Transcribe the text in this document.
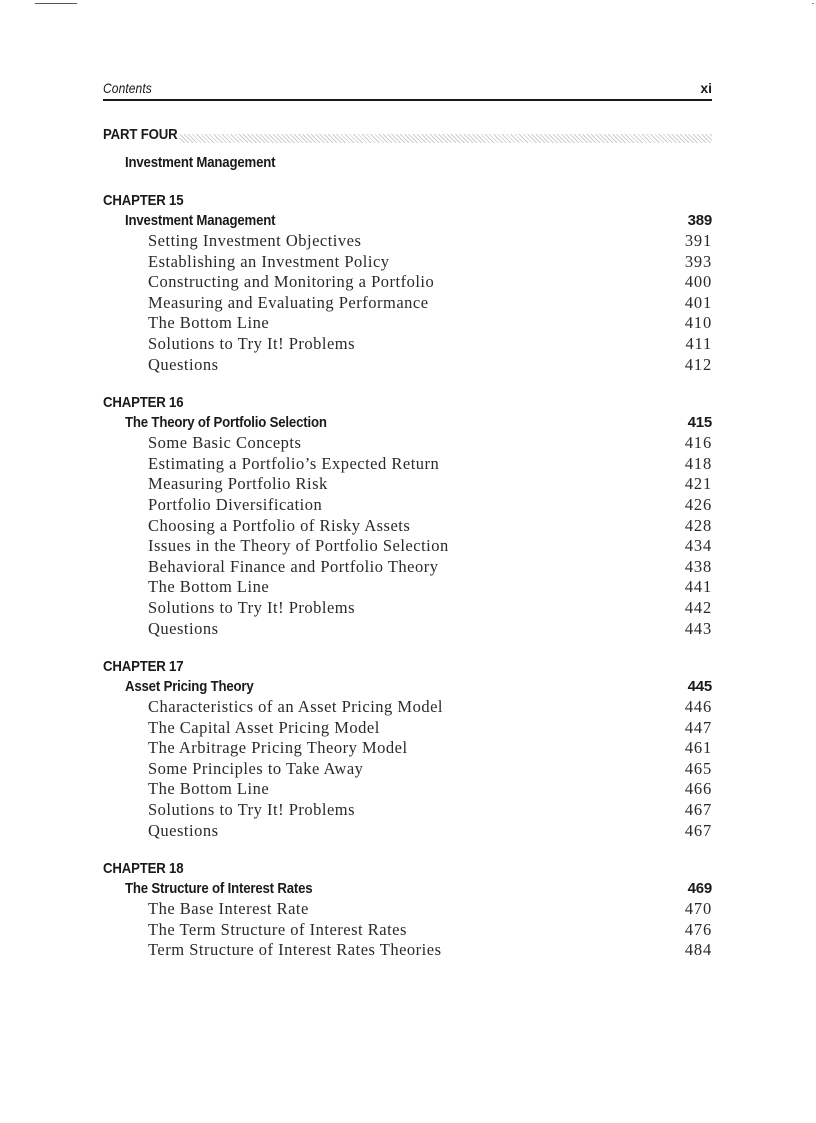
Contents	xi
PART FOUR
Investment Management
CHAPTER 15
Investment Management	389
Setting Investment Objectives	391
Establishing an Investment Policy	393
Constructing and Monitoring a Portfolio	400
Measuring and Evaluating Performance	401
The Bottom Line	410
Solutions to Try It! Problems	411
Questions	412
CHAPTER 16
The Theory of Portfolio Selection	415
Some Basic Concepts	416
Estimating a Portfolio’s Expected Return	418
Measuring Portfolio Risk	421
Portfolio Diversification	426
Choosing a Portfolio of Risky Assets	428
Issues in the Theory of Portfolio Selection	434
Behavioral Finance and Portfolio Theory	438
The Bottom Line	441
Solutions to Try It! Problems	442
Questions	443
CHAPTER 17
Asset Pricing Theory	445
Characteristics of an Asset Pricing Model	446
The Capital Asset Pricing Model	447
The Arbitrage Pricing Theory Model	461
Some Principles to Take Away	465
The Bottom Line	466
Solutions to Try It! Problems	467
Questions	467
CHAPTER 18
The Structure of Interest Rates	469
The Base Interest Rate	470
The Term Structure of Interest Rates	476
Term Structure of Interest Rates Theories	484
